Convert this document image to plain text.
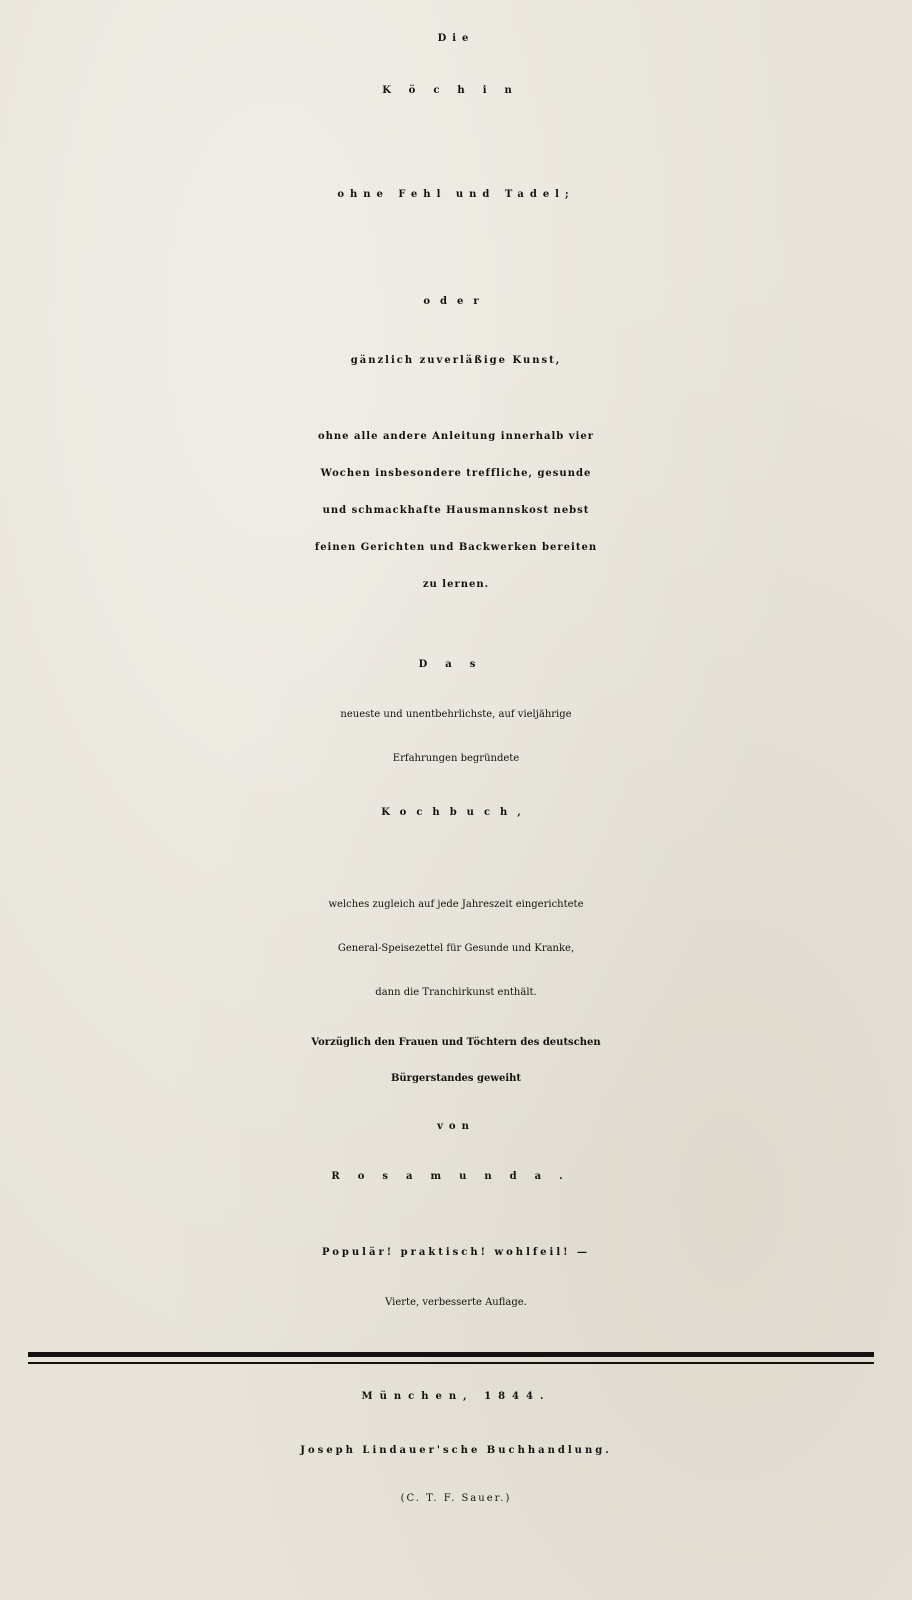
Die
Köchin
ohne Fehl und Tadel;
oder
gänzlich zuverläßige Kunst,
ohne alle andere Anleitung innerhalb vier
Wochen insbesondere treffliche, gesunde
und schmackhafte Hausmannskost nebst
feinen Gerichten und Backwerken bereiten
zu lernen.
Das
neueste und unentbehrlichste, auf vieljährige
Erfahrungen begründete
Kochbuch,
welches zugleich auf jede Jahreszeit eingerichtete
General-Speisezettel für Gesunde und Kranke,
dann die Tranchirkunst enthält.
Vorzüglich den Frauen und Töchtern des deutschen
Bürgerstandes geweiht
von
Rosamunda.
Populär! praktisch! wohlfeil! —
Vierte, verbesserte Auflage.
München, 1844.
Joseph Lindauer'sche Buchhandlung.
(C. T. F. Sauer.)
